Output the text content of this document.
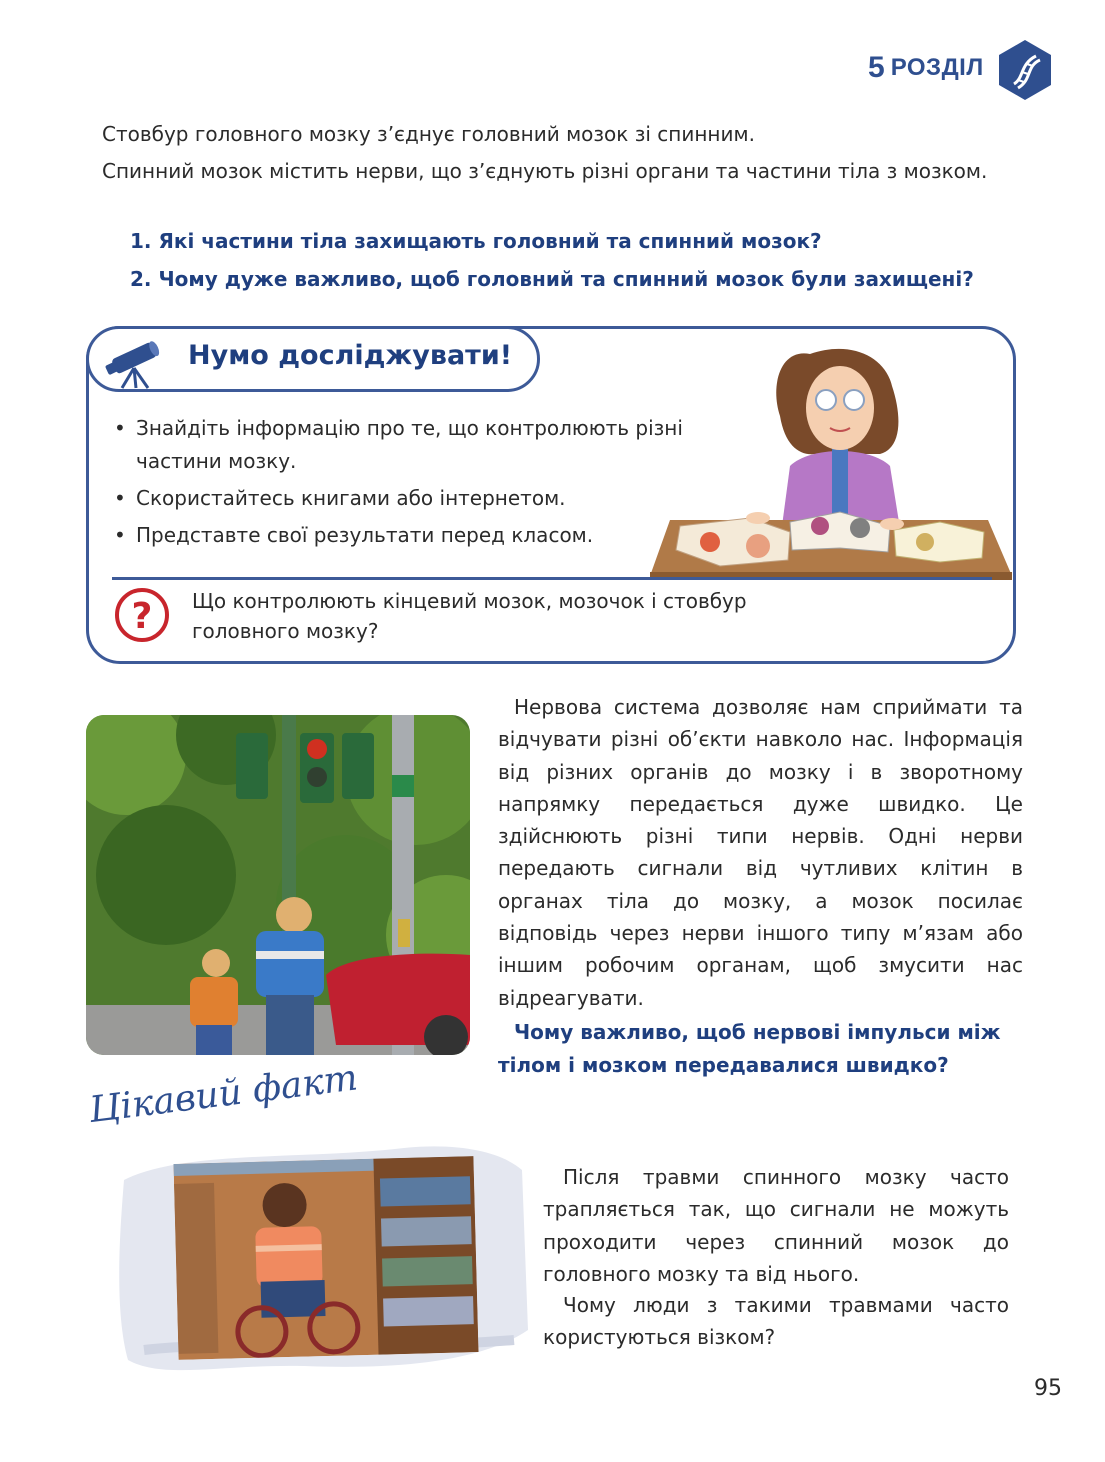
5 РОЗДІЛ
Стовбур головного мозку з’єднує головний мозок зі спинним.
Спинний мозок містить нерви, що з’єднують різні органи та частини тіла з мозком.
1. Які частини тіла захищають головний та спинний мозок?
2. Чому дуже важливо, щоб головний та спинний мозок були захищені?
Нумо досліджувати!
• Знайдіть інформацію про те, що контролюють різні частини мозку.
• Скористайтесь книгами або інтернетом.
• Представте свої результати перед класом.
? Що контролюють кінцевий мозок, мозочок і стовбур головного мозку?
Нервова система дозволяє нам сприймати та відчувати різні об’єкти навколо нас. Інформація від різних органів до мозку і в зворотному напрямку передається дуже швидко. Це здійснюють різні типи нервів. Одні нерви передають сигнали від чутливих клітин в органах тіла до мозку, а мозок посилає відповідь через нерви іншого типу м’язам або іншим робочим органам, щоб змусити нас відреагувати.
Чому важливо, щоб нервові імпульси між тілом і мозком передавалися швидко?
Цікавий факт
Після травми спинного мозку часто трапляється так, що сигнали не можуть проходити через спинний мозок до головного мозку та від нього.
Чому люди з такими травмами часто користуються візком?
95
